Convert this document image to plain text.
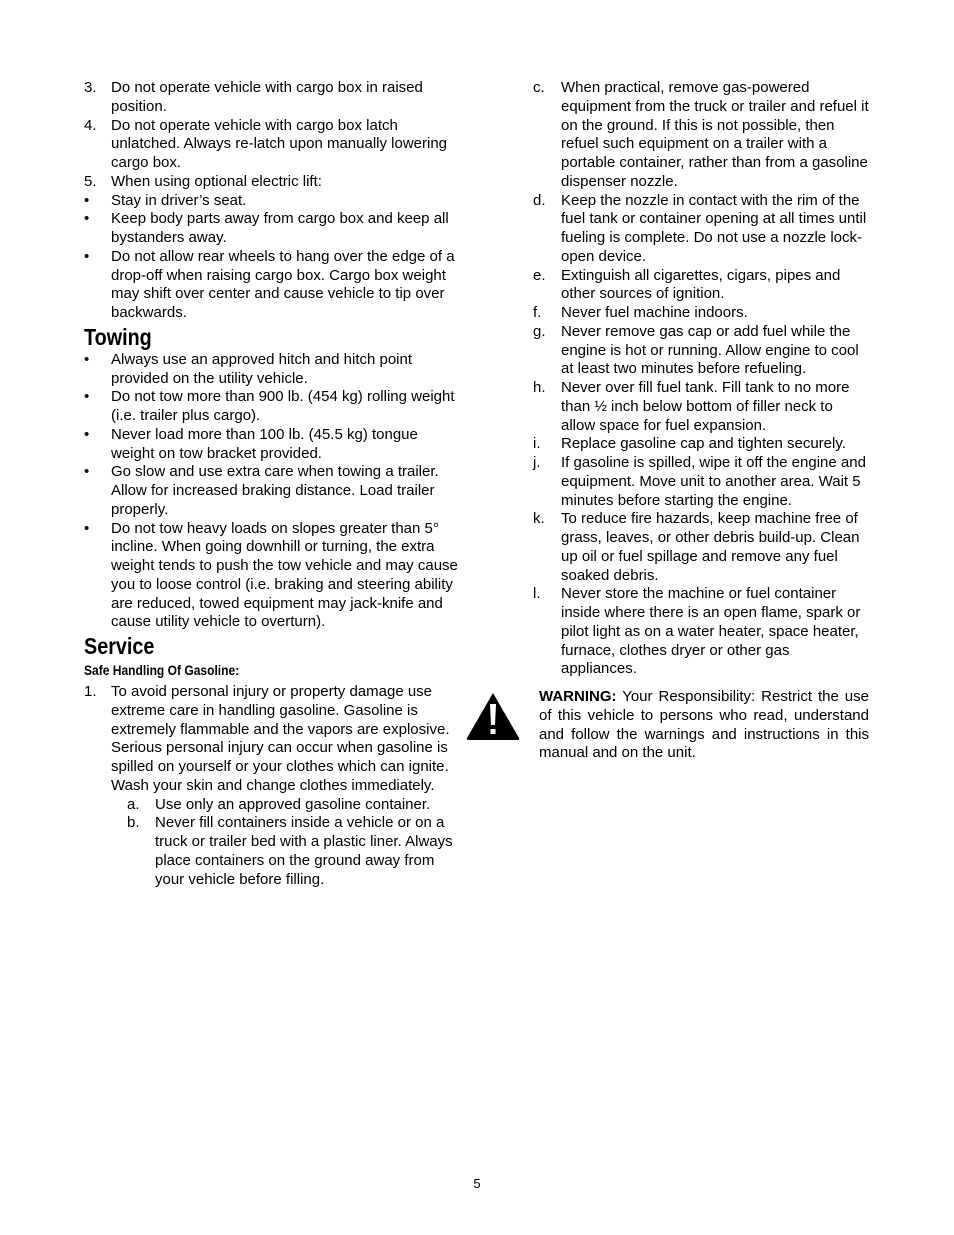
3. Do not operate vehicle with cargo box in raised position.
4. Do not operate vehicle with cargo box latch unlatched. Always re-latch upon manually lowering cargo box.
5. When using optional electric lift:
•	Stay in driver’s seat.
•	Keep body parts away from cargo box and keep all bystanders away.
•	Do not allow rear wheels to hang over the edge of a drop-off when raising cargo box. Cargo box weight may shift over center and cause vehicle to tip over backwards.
Towing
•	Always use an approved hitch and hitch point provided on the utility vehicle.
•	Do not tow more than 900 lb. (454 kg) rolling weight (i.e. trailer plus cargo).
•	Never load more than 100 lb. (45.5 kg) tongue weight on tow bracket provided.
•	Go slow and use extra care when towing a trailer. Allow for increased braking distance. Load trailer properly.
•	Do not tow heavy loads on slopes greater than 5° incline. When going downhill or turning, the extra weight tends to push the tow vehicle and may cause you to loose control (i.e. braking and steering ability are reduced, towed equipment may jack-knife and cause utility vehicle to overturn).
Service
Safe Handling Of Gasoline:
1. To avoid personal injury or property damage use extreme care in handling gasoline. Gasoline is extremely flammable and the vapors are explosive. Serious personal injury can occur when gasoline is spilled on yourself or your clothes which can ignite. Wash your skin and change clothes immediately.
a.	Use only an approved gasoline container.
b.	Never fill containers inside a vehicle or on a truck or trailer bed with a plastic liner. Always place containers on the ground away from your vehicle before filling.
c.	When practical, remove gas-powered equipment from the truck or trailer and refuel it on the ground. If this is not possible, then refuel such equipment on a trailer with a portable container, rather than from a gasoline dispenser nozzle.
d.	Keep the nozzle in contact with the rim of the fuel tank or container opening at all times until fueling is complete. Do not use a nozzle lock-open device.
e.	Extinguish all cigarettes, cigars, pipes and other sources of ignition.
f.	Never fuel machine indoors.
g.	Never remove gas cap or add fuel while the engine is hot or running. Allow engine to cool at least two minutes before refueling.
h.	Never over fill fuel tank. Fill tank to no more than ½ inch below bottom of filler neck to allow space for fuel expansion.
i.	Replace gasoline cap and tighten securely.
j.	If gasoline is spilled, wipe it off the engine and equipment. Move unit to another area. Wait 5 minutes before starting the engine.
k.	To reduce fire hazards, keep machine free of grass, leaves, or other debris build-up. Clean up oil or fuel spillage and remove any fuel soaked debris.
l.	Never store the machine or fuel container inside where there is an open flame, spark or pilot light as on a water heater, space heater, furnace, clothes dryer or other gas appliances.
WARNING: Your Responsibility: Restrict the use of this vehicle to persons who read, understand and follow the warnings and instructions in this manual and on the unit.
5
